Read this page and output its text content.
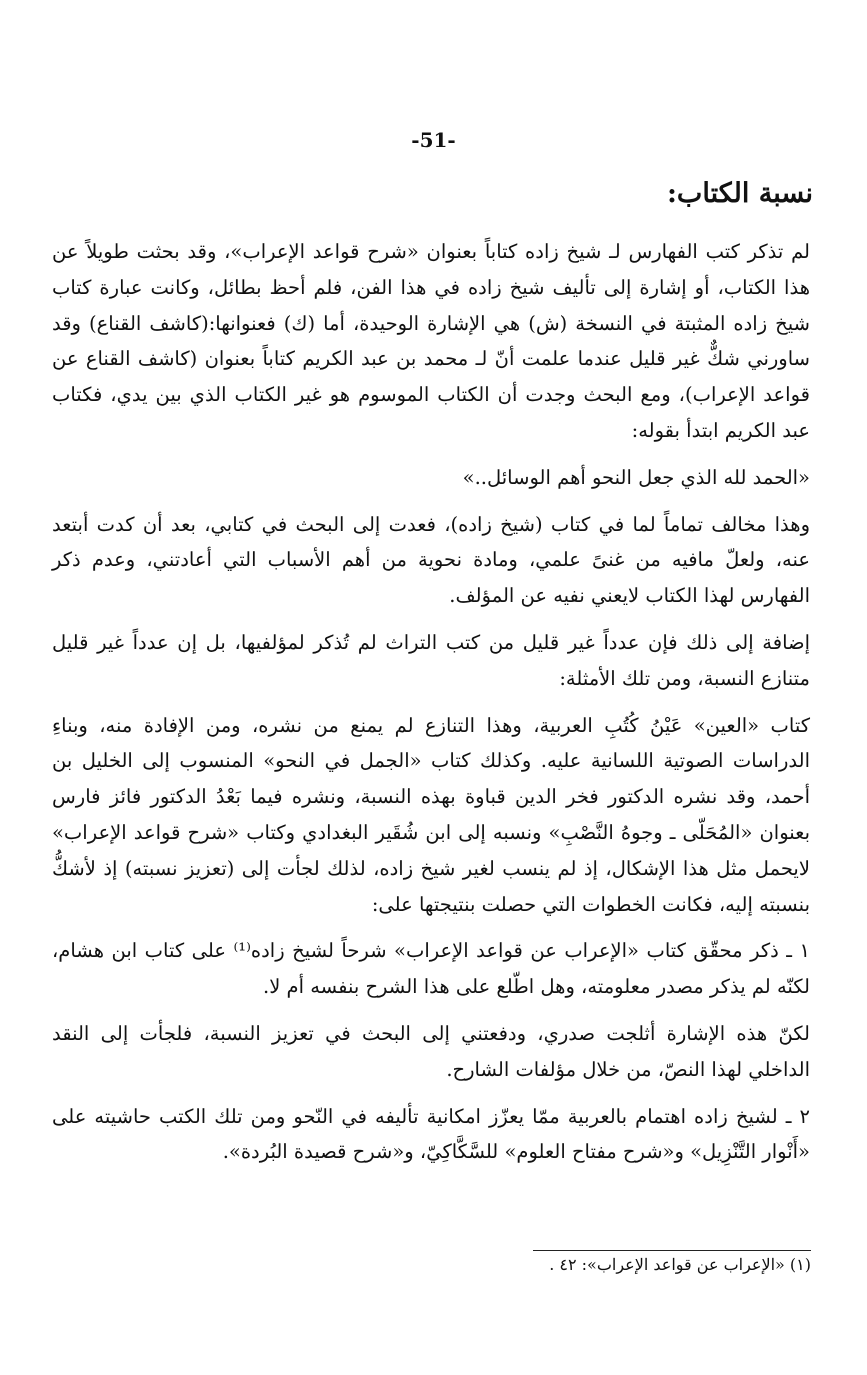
-51-
نسبة الكتاب:

لم تذكر كتب الفهارس لـ شيخ زاده كتاباً بعنوان «شرح قواعد الإعراب»، وقد بحثت طويلاً عن هذا الكتاب، أو إشارة إلى تأليف شيخ زاده في هذا الفن، فلم أحظ بطائل، وكانت عبارة كتاب شيخ زاده المثبتة في النسخة (ش) هي الإشارة الوحيدة، أما (ك) فعنوانها:(كاشف القناع) وقد ساورني شكٌّ غير قليل عندما علمت أنّ لـ محمد بن عبد الكريم كتاباً بعنوان (كاشف القناع عن قواعد الإعراب)، ومع البحث وجدت أن الكتاب الموسوم هو غير الكتاب الذي بين يدي، فكتاب عبد الكريم ابتدأ بقوله:

«الحمد لله الذي جعل النحو أهم الوسائل..»

وهذا مخالف تماماً لما في كتاب (شيخ زاده)، فعدت إلى البحث في كتابي، بعد أن كدت أبتعد عنه، ولعلّ مافيه من غنىً علمي، ومادة نحوية من أهم الأسباب التي أعادتني، وعدم ذكر الفهارس لهذا الكتاب لايعني نفيه عن المؤلف.

إضافة إلى ذلك فإن عدداً غير قليل من كتب التراث لم تُذكر لمؤلفيها، بل إن عدداً غير قليل متنازع النسبة، ومن تلك الأمثلة:

كتاب «العين» عَيْنُ كُتُبِ العربية، وهذا التنازع لم يمنع من نشره، ومن الإفادة منه، وبناءِ الدراسات الصوتية اللسانية عليه. وكذلك كتاب «الجمل في النحو» المنسوب إلى الخليل بن أحمد، وقد نشره الدكتور فخر الدين قباوة بهذه النسبة، ونشره فيما بَعْدُ الدكتور فائز فارس بعنوان «المُحَلّى ـ وجوهُ النَّصْبِ» ونسبه إلى ابن شُقَير البغدادي وكتاب «شرح قواعد الإعراب» لايحمل مثل هذا الإشكال، إذ لم ينسب لغير شيخ زاده، لذلك لجأت إلى (تعزيز نسبته) إذ لأشكُّ بنسبته إليه، فكانت الخطوات التي حصلت بنتيجتها على:

١ ـ ذكر محقّق كتاب «الإعراب عن قواعد الإعراب» شرحاً لشيخ زاده⁽¹⁾ على كتاب ابن هشام، لكنّه لم يذكر مصدر معلومته، وهل اطّلع على هذا الشرح بنفسه أم لا.

لكنّ هذه الإشارة أثلجت صدري، ودفعتني إلى البحث في تعزيز النسبة، فلجأت إلى النقد الداخلي لهذا النصّ، من خلال مؤلفات الشارح.

٢ ـ لشيخ زاده اهتمام بالعربية ممّا يعزّز امكانية تأليفه في النّحو ومن تلك الكتب حاشيته على «أَنْوار التَّنْزِيل» و«شرح مفتاح العلوم» للسَّكَّاكِيّ، و«شرح قصيدة البُردة».

(١) «الإعراب عن قواعد الإعراب»: ٤٢ .
